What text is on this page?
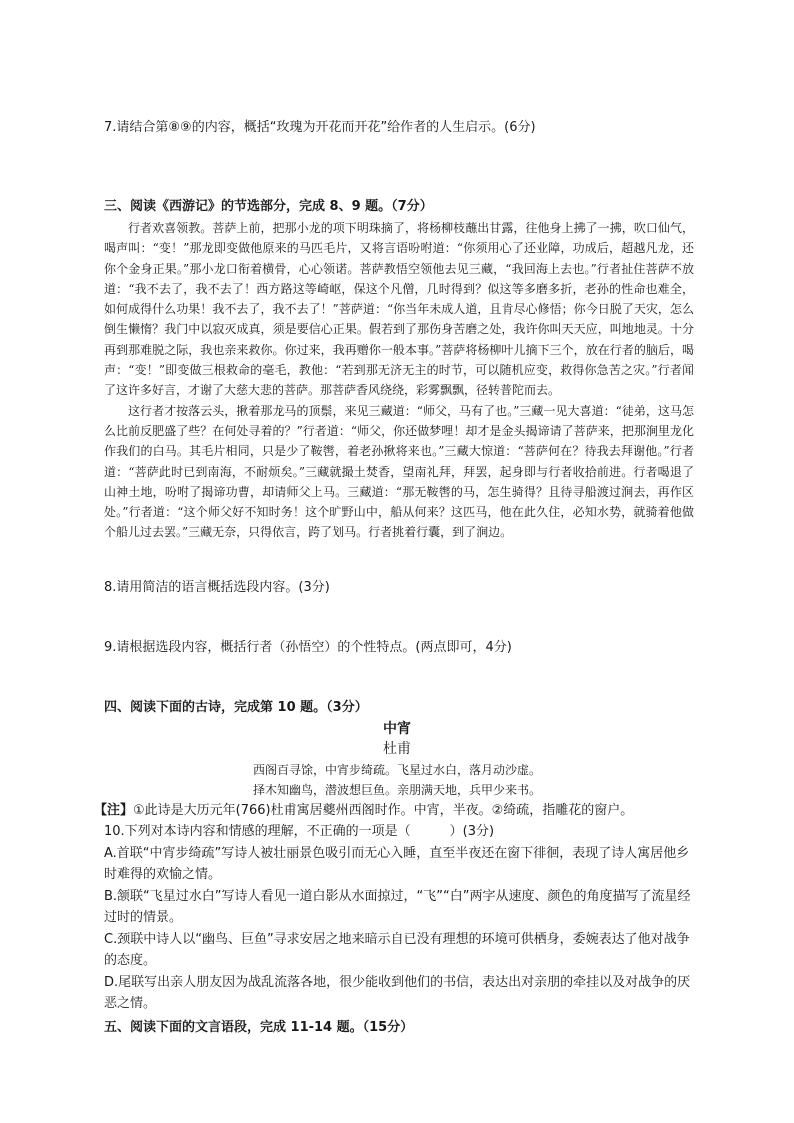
7.请结合第⑧⑨的内容，概括“玫瑰为开花而开花”给作者的人生启示。(6分)
三、阅读《西游记》的节选部分，完成 8、9 题。（7分）

行者欢喜领教。菩萨上前，把那小龙的项下明珠摘了，将杨柳枝蘸出甘露，往他身上拂了一拂，吹口仙气，喝声叫：“变！”那龙即变做他原来的马匹毛片，又将言语吩咐道：“你须用心了还业障，功成后，超越凡龙，还你个金身正果。”那小龙口衔着横骨，心心领诺。菩萨教悟空领他去见三藏，“我回海上去也。”行者扯住菩萨不放道：“我不去了，我不去了！西方路这等崎岖，保这个凡僧，几时得到？似这等多磨多折，老孙的性命也难全，如何成得什么功果！我不去了，我不去了！”菩萨道：“你当年未成人道，且肯尽心修悟；你今日脱了天灾，怎么倒生懒惰？我门中以寂灭成真，须是要信心正果。假若到了那伤身苦磨之处，我许你叫天天应，叫地地灵。十分再到那难脱之际，我也亲来救你。你过来，我再赠你一般本事。”菩萨将杨柳叶儿摘下三个，放在行者的脑后，喝声：“变！”即变做三根救命的毫毛，教他：“若到那无济无主的时节，可以随机应变，救得你急苦之灾。”行者闻了这许多好言，才谢了大慈大悲的菩萨。那菩萨香风绕绕，彩雾飘飘，径转普陀而去。

这行者才按落云头，揪着那龙马的顶鬃，来见三藏道：“师父，马有了也。”三藏一见大喜道：“徒弟，这马怎么比前反肥盛了些？在何处寻着的？”行者道：“师父，你还做梦哩！却才是金头揭谛请了菩萨来，把那涧里龙化作我们的白马。其毛片相同，只是少了鞍辔，着老孙揪将来也。”三藏大惊道：“菩萨何在？待我去拜谢他。”行者道：“菩萨此时已到南海，不耐烦矣。”三藏就撮土焚香，望南礼拜，拜罢，起身即与行者收拾前进。行者喝退了山神土地，吩咐了揭谛功曹，却请师父上马。三藏道：“那无鞍辔的马，怎生骑得？且待寻船渡过涧去，再作区处。”行者道：“这个师父好不知时务！这个旷野山中，船从何来？这匹马，他在此久住，必知水势，就骑着他做个船儿过去罢。”三藏无奈，只得依言，跨了划马。行者挑着行囊，到了涧边。

8.请用简洁的语言概括选段内容。(3分)
9.请根据选段内容，概括行者（孙悟空）的个性特点。(两点即可，4分)
四、阅读下面的古诗，完成第 10 题。（3分）
中宵
杜甫
西阁百寻馀，中宵步绮疏。飞星过水白，落月动沙虚。
择木知幽鸟，潜波想巨鱼。亲朋满天地，兵甲少来书。
【注】①此诗是大历元年(766)杜甫寓居夔州西阁时作。中宵，半夜。②绮疏，指雕花的窗户。
10.下列对本诗内容和情感的理解，不正确的一项是（　　　）(3分)
A.首联“中宵步绮疏”写诗人被壮丽景色吸引而无心入睡，直至半夜还在窗下徘徊，表现了诗人寓居他乡时难得的欢愉之情。
B.颔联“飞星过水白”写诗人看见一道白影从水面掠过，“飞”“白”两字从速度、颜色的角度描写了流星经过时的情景。
C.颈联中诗人以“幽鸟、巨鱼”寻求安居之地来暗示自已没有理想的环境可供栖身，委婉表达了他对战争的态度。
D.尾联写出亲人朋友因为战乱流落各地，很少能收到他们的书信，表达出对亲朋的牵挂以及对战争的厌恶之情。
五、阅读下面的文言语段，完成 11-14 题。（15分）
